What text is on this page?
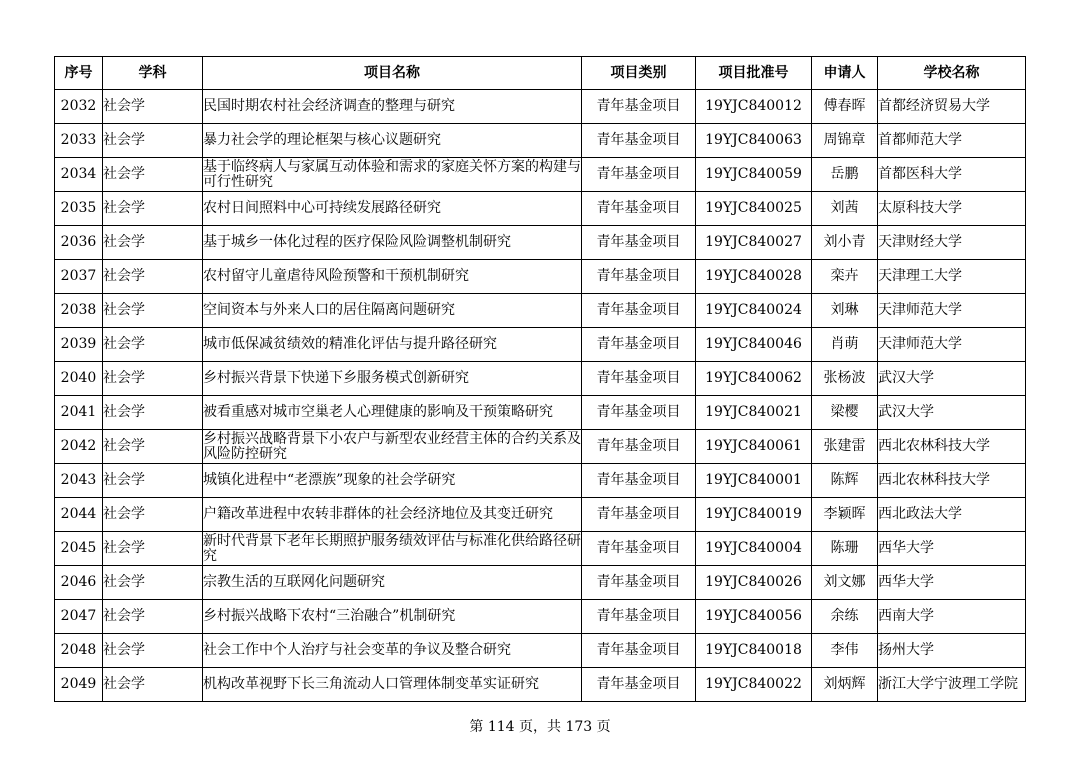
序号	学科	项目名称	项目类别	项目批准号	申请人	学校名称
2032	社会学	民国时期农村社会经济调查的整理与研究	青年基金项目	19YJC840012	傅春晖	首都经济贸易大学
2033	社会学	暴力社会学的理论框架与核心议题研究	青年基金项目	19YJC840063	周锦章	首都师范大学
2034	社会学	基于临终病人与家属互动体验和需求的家庭关怀方案的构建与可行性研究	青年基金项目	19YJC840059	岳鹏	首都医科大学
2035	社会学	农村日间照料中心可持续发展路径研究	青年基金项目	19YJC840025	刘茜	太原科技大学
2036	社会学	基于城乡一体化过程的医疗保险风险调整机制研究	青年基金项目	19YJC840027	刘小青	天津财经大学
2037	社会学	农村留守儿童虐待风险预警和干预机制研究	青年基金项目	19YJC840028	栾卉	天津理工大学
2038	社会学	空间资本与外来人口的居住隔离问题研究	青年基金项目	19YJC840024	刘琳	天津师范大学
2039	社会学	城市低保减贫绩效的精准化评估与提升路径研究	青年基金项目	19YJC840046	肖萌	天津师范大学
2040	社会学	乡村振兴背景下快递下乡服务模式创新研究	青年基金项目	19YJC840062	张杨波	武汉大学
2041	社会学	被看重感对城市空巢老人心理健康的影响及干预策略研究	青年基金项目	19YJC840021	梁樱	武汉大学
2042	社会学	乡村振兴战略背景下小农户与新型农业经营主体的合约关系及风险防控研究	青年基金项目	19YJC840061	张建雷	西北农林科技大学
2043	社会学	城镇化进程中“老漂族”现象的社会学研究	青年基金项目	19YJC840001	陈辉	西北农林科技大学
2044	社会学	户籍改革进程中农转非群体的社会经济地位及其变迁研究	青年基金项目	19YJC840019	李颖晖	西北政法大学
2045	社会学	新时代背景下老年长期照护服务绩效评估与标准化供给路径研究	青年基金项目	19YJC840004	陈珊	西华大学
2046	社会学	宗教生活的互联网化问题研究	青年基金项目	19YJC840026	刘文娜	西华大学
2047	社会学	乡村振兴战略下农村“三治融合”机制研究	青年基金项目	19YJC840056	余练	西南大学
2048	社会学	社会工作中个人治疗与社会变革的争议及整合研究	青年基金项目	19YJC840018	李伟	扬州大学
2049	社会学	机构改革视野下长三角流动人口管理体制变革实证研究	青年基金项目	19YJC840022	刘炳辉	浙江大学宁波理工学院
第 114 页，共 173 页
